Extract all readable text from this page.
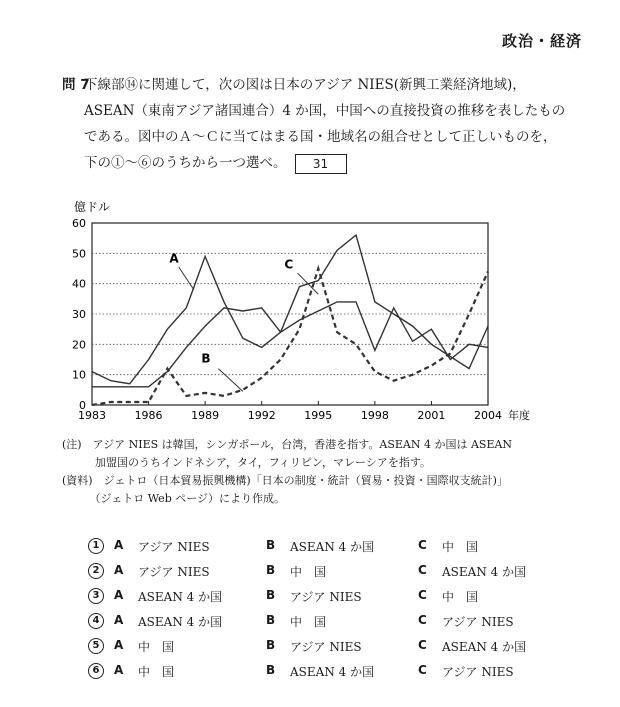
政治・経済
問 7
下線部⑭に関連して，次の図は日本のアジア NIES(新興工業経済地域)，
ASEAN（東南アジア諸国連合）4 か国，中国への直接投資の推移を表したもの
である。図中のＡ～Ｃに当てはまる国・地域名の組合せとして正しいものを，
下の①～⑥のうちから一つ選べ。 31
0
10
20
30
40
50
60
1983	1986	1989	1992	1995	1998	2001	2004
億ドル
年度
A
B
C
(注)　アジア NIES は韓国，シンガポール，台湾，香港を指す。ASEAN 4 か国は ASEAN
　　　加盟国のうちインドネシア，タイ，フィリピン，マレーシアを指す。
(資料)　ジェトロ（日本貿易振興機構)「日本の制度・統計（貿易・投資・国際収支統計)」
　　　（ジェトロ Web ページ）により作成。
1	A アジア NIES	B ASEAN 4 か国	C 中　国
2	A アジア NIES	B 中　国	C ASEAN 4 か国
3	A ASEAN 4 か国	B アジア NIES	C 中　国
4	A ASEAN 4 か国	B 中　国	C アジア NIES
5	A 中　国	B アジア NIES	C ASEAN 4 か国
6	A 中　国	B ASEAN 4 か国	C アジア NIES
